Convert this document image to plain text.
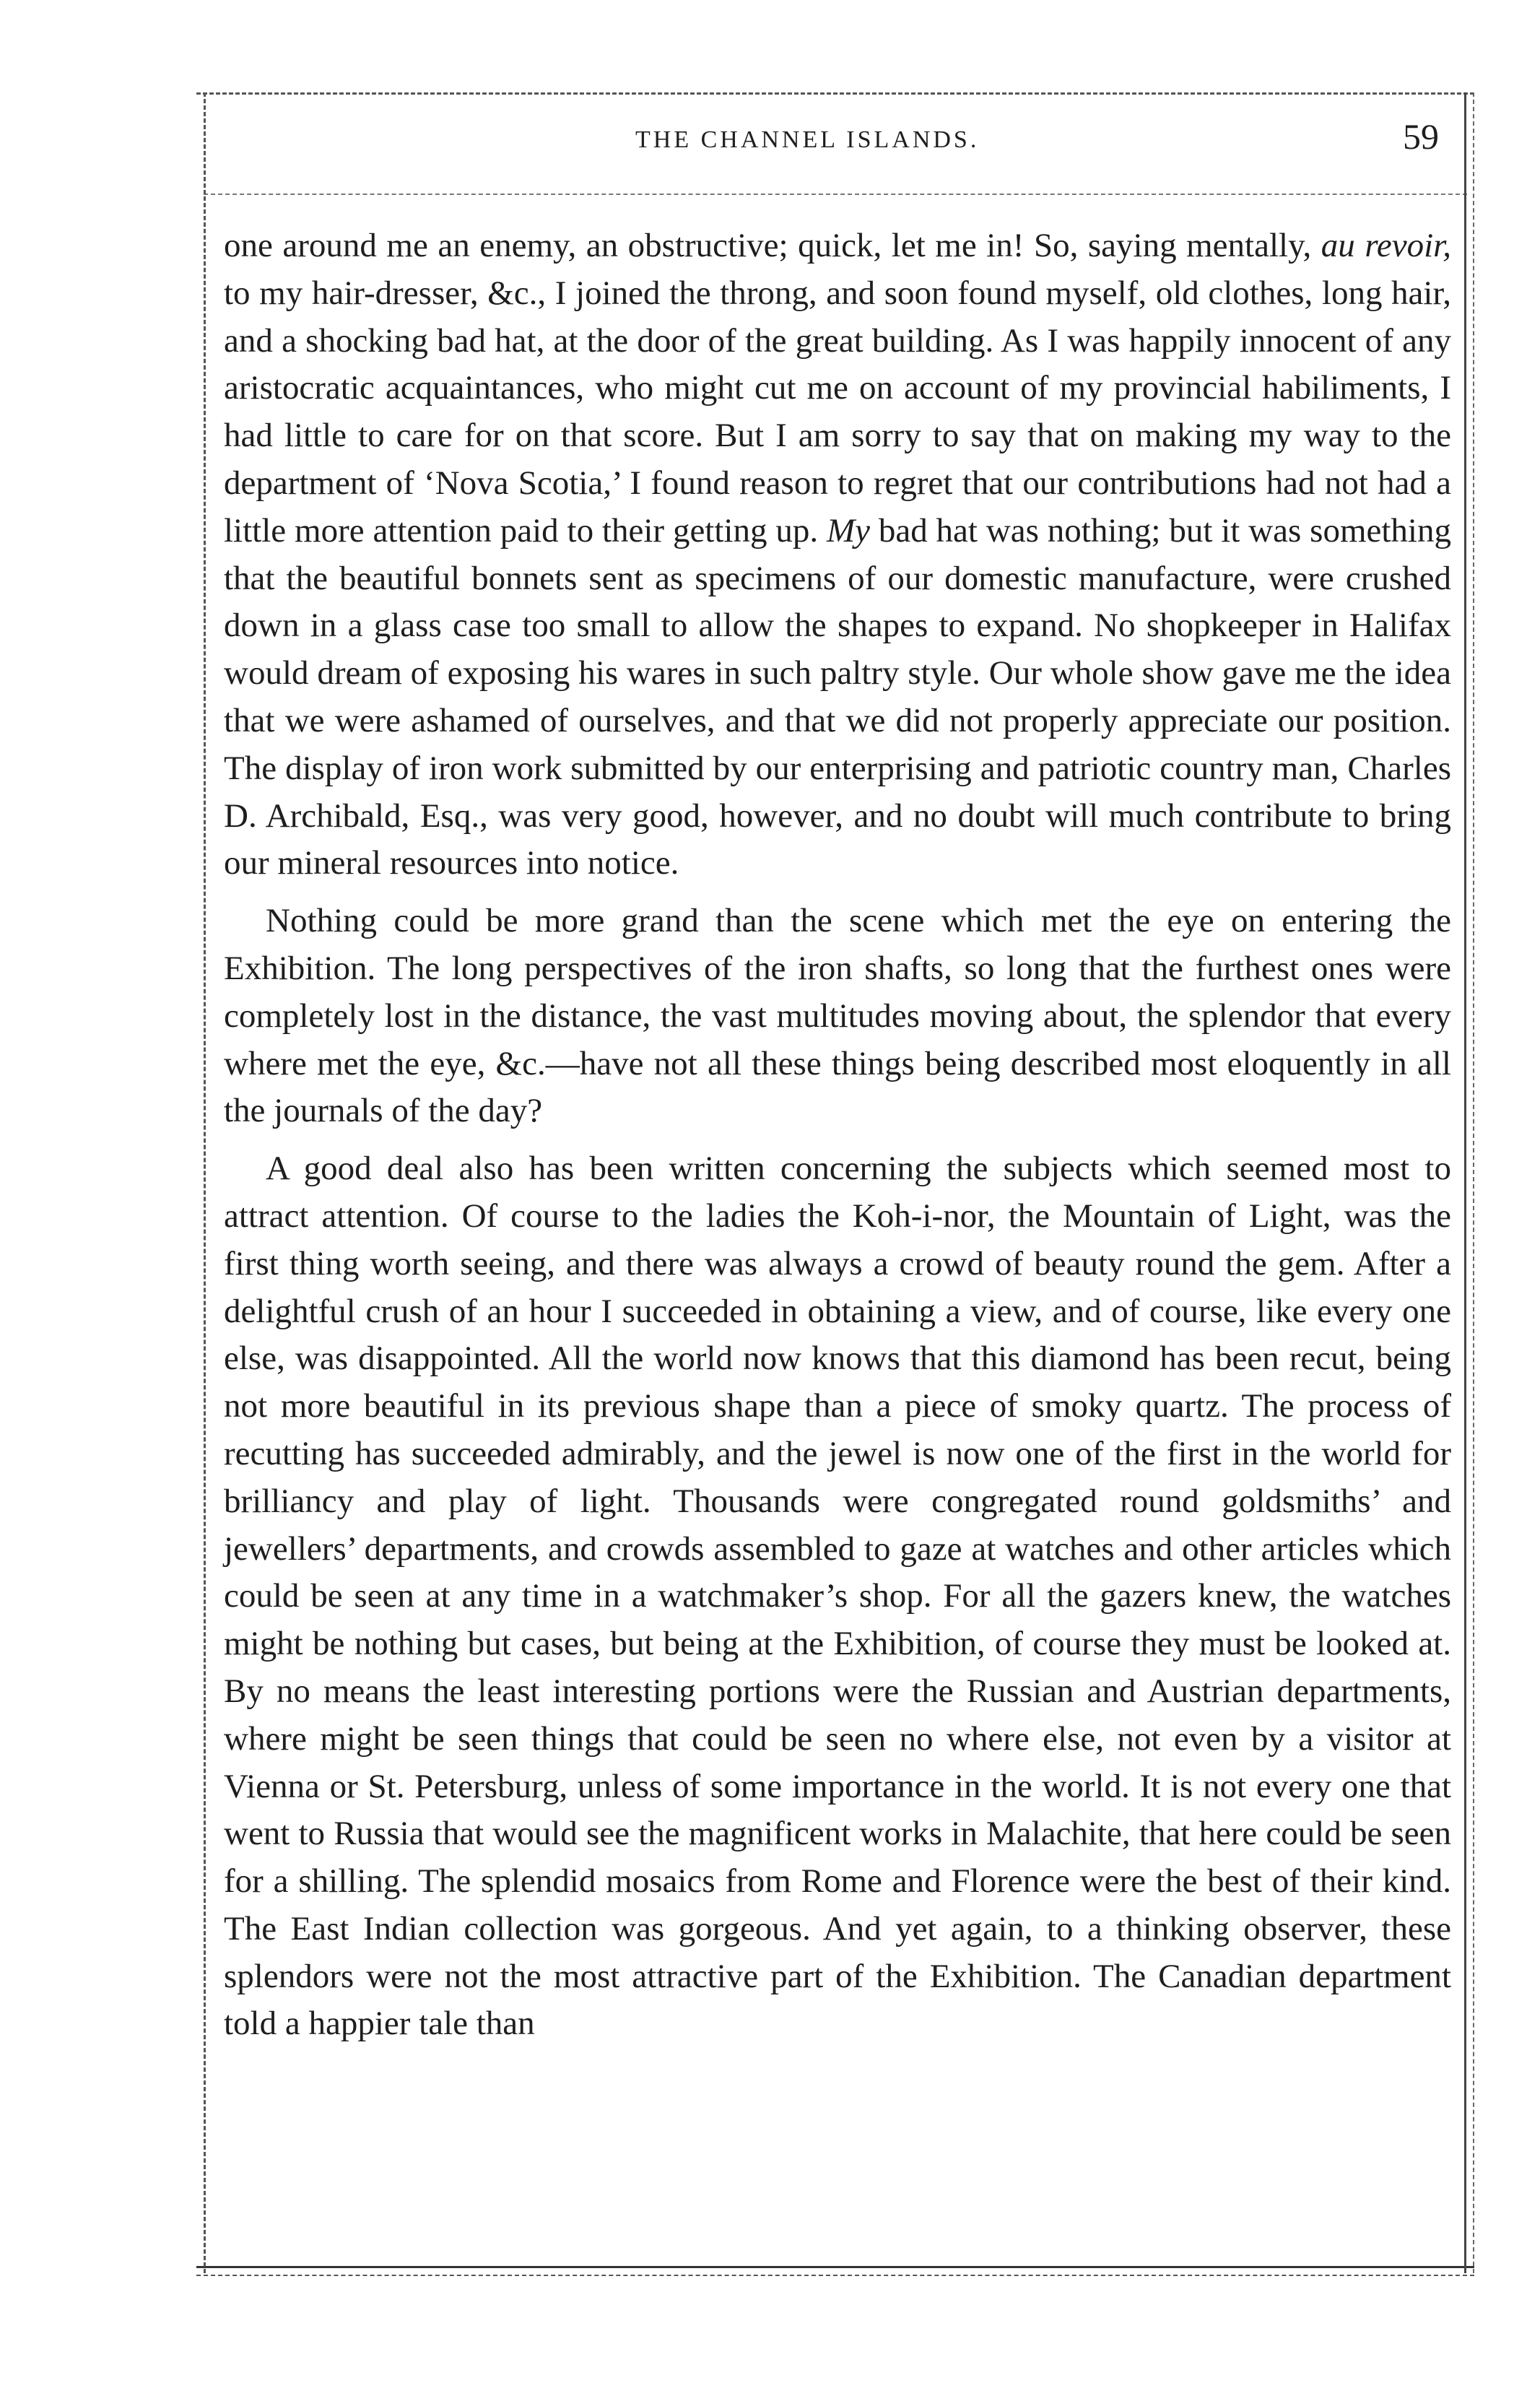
THE CHANNEL ISLANDS.	59

one around me an enemy, an obstructive; quick, let me in! So, saying mentally, au revoir, to my hair-dresser, &c., I joined the throng, and soon found myself, old clothes, long hair, and a shocking bad hat, at the door of the great building. As I was happily innocent of any aristocratic acquaintances, who might cut me on account of my provincial habiliments, I had little to care for on that score. But I am sorry to say that on making my way to the department of ‘Nova Scotia,’ I found reason to regret that our contributions had not had a little more attention paid to their getting up. My bad hat was nothing; but it was something that the beautiful bonnets sent as specimens of our domestic manufacture, were crushed down in a glass case too small to allow the shapes to expand. No shopkeeper in Halifax would dream of exposing his wares in such paltry style. Our whole show gave me the idea that we were ashamed of ourselves, and that we did not properly appreciate our position. The display of iron work submitted by our enterprising and patriotic country man, Charles D. Archibald, Esq., was very good, however, and no doubt will much contribute to bring our mineral resources into notice.

Nothing could be more grand than the scene which met the eye on entering the Exhibition. The long perspectives of the iron shafts, so long that the furthest ones were completely lost in the distance, the vast multitudes moving about, the splendor that every where met the eye, &c.—have not all these things being described most eloquently in all the journals of the day?

A good deal also has been written concerning the subjects which seemed most to attract attention. Of course to the ladies the Koh-i-nor, the Mountain of Light, was the first thing worth seeing, and there was always a crowd of beauty round the gem. After a delightful crush of an hour I succeeded in obtaining a view, and of course, like every one else, was disappointed. All the world now knows that this diamond has been recut, being not more beautiful in its previous shape than a piece of smoky quartz. The process of recutting has succeeded admirably, and the jewel is now one of the first in the world for brilliancy and play of light. Thousands were congregated round goldsmiths’ and jewellers’ departments, and crowds assembled to gaze at watches and other articles which could be seen at any time in a watchmaker’s shop. For all the gazers knew, the watches might be nothing but cases, but being at the Exhibition, of course they must be looked at. By no means the least interesting portions were the Russian and Austrian departments, where might be seen things that could be seen no where else, not even by a visitor at Vienna or St. Petersburg, unless of some importance in the world. It is not every one that went to Russia that would see the magnificent works in Malachite, that here could be seen for a shilling. The splendid mosaics from Rome and Florence were the best of their kind. The East Indian collection was gorgeous. And yet again, to a thinking observer, these splendors were not the most attractive part of the Exhibition. The Canadian department told a happier tale than
